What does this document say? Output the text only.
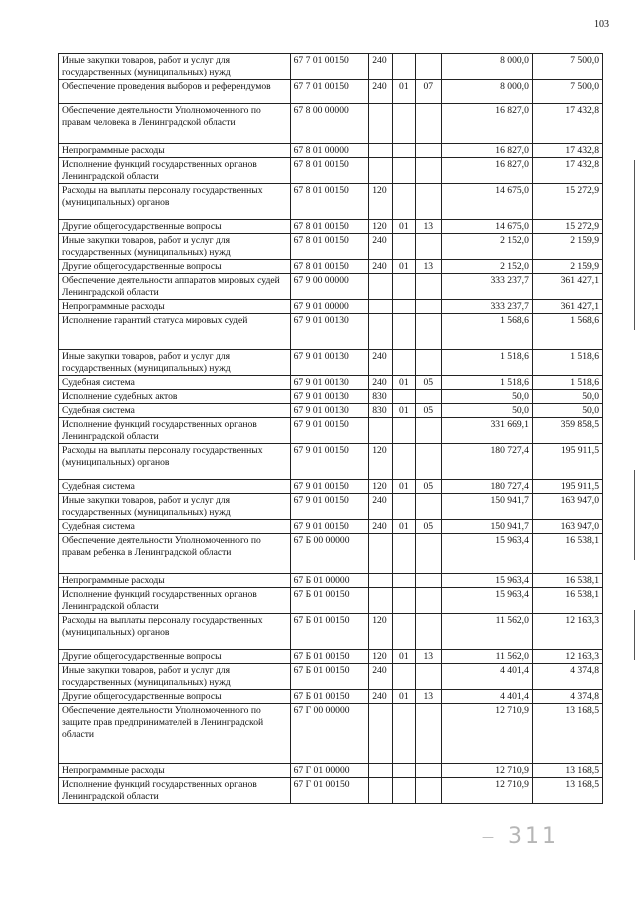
103
Иные закупки товаров, работ и услуг для государственных (муниципальных) нужд	67 7 01 00150	240			8 000,0	7 500,0
Обеспечение проведения выборов и референдумов	67 7 01 00150	240	01	07	8 000,0	7 500,0
Обеспечение деятельности Уполномоченного по правам человека в Ленинградской области	67 8 00 00000				16 827,0	17 432,8
Непрограммные расходы	67 8 01 00000				16 827,0	17 432,8
Исполнение функций государственных органов Ленинградской области	67 8 01 00150				16 827,0	17 432,8
Расходы на выплаты персоналу государственных (муниципальных) органов	67 8 01 00150	120			14 675,0	15 272,9
Другие общегосударственные вопросы	67 8 01 00150	120	01	13	14 675,0	15 272,9
Иные закупки товаров, работ и услуг для государственных (муниципальных) нужд	67 8 01 00150	240			2 152,0	2 159,9
Другие общегосударственные вопросы	67 8 01 00150	240	01	13	2 152,0	2 159,9
Обеспечение деятельности аппаратов мировых судей Ленинградской области	67 9 00 00000				333 237,7	361 427,1
Непрограммные расходы	67 9 01 00000				333 237,7	361 427,1
Исполнение гарантий статуса мировых судей	67 9 01 00130				1 568,6	1 568,6
Иные закупки товаров, работ и услуг для государственных (муниципальных) нужд	67 9 01 00130	240			1 518,6	1 518,6
Судебная система	67 9 01 00130	240	01	05	1 518,6	1 518,6
Исполнение судебных актов	67 9 01 00130	830			50,0	50,0
Судебная система	67 9 01 00130	830	01	05	50,0	50,0
Исполнение функций государственных органов Ленинградской области	67 9 01 00150				331 669,1	359 858,5
Расходы на выплаты персоналу государственных (муниципальных) органов	67 9 01 00150	120			180 727,4	195 911,5
Судебная система	67 9 01 00150	120	01	05	180 727,4	195 911,5
Иные закупки товаров, работ и услуг для государственных (муниципальных) нужд	67 9 01 00150	240			150 941,7	163 947,0
Судебная система	67 9 01 00150	240	01	05	150 941,7	163 947,0
Обеспечение деятельности Уполномоченного по правам ребенка в Ленинградской области	67 Б 00 00000				15 963,4	16 538,1
Непрограммные расходы	67 Б 01 00000				15 963,4	16 538,1
Исполнение функций государственных органов Ленинградской области	67 Б 01 00150				15 963,4	16 538,1
Расходы на выплаты персоналу государственных (муниципальных) органов	67 Б 01 00150	120			11 562,0	12 163,3
Другие общегосударственные вопросы	67 Б 01 00150	120	01	13	11 562,0	12 163,3
Иные закупки товаров, работ и услуг для государственных (муниципальных) нужд	67 Б 01 00150	240			4 401,4	4 374,8
Другие общегосударственные вопросы	67 Б 01 00150	240	01	13	4 401,4	4 374,8
Обеспечение деятельности Уполномоченного по защите прав предпринимателей в Ленинградской области	67 Г 00 00000				12 710,9	13 168,5
Непрограммные расходы	67 Г 01 00000				12 710,9	13 168,5
Исполнение функций государственных органов Ленинградской области	67 Г 01 00150				12 710,9	13 168,5
— 311
